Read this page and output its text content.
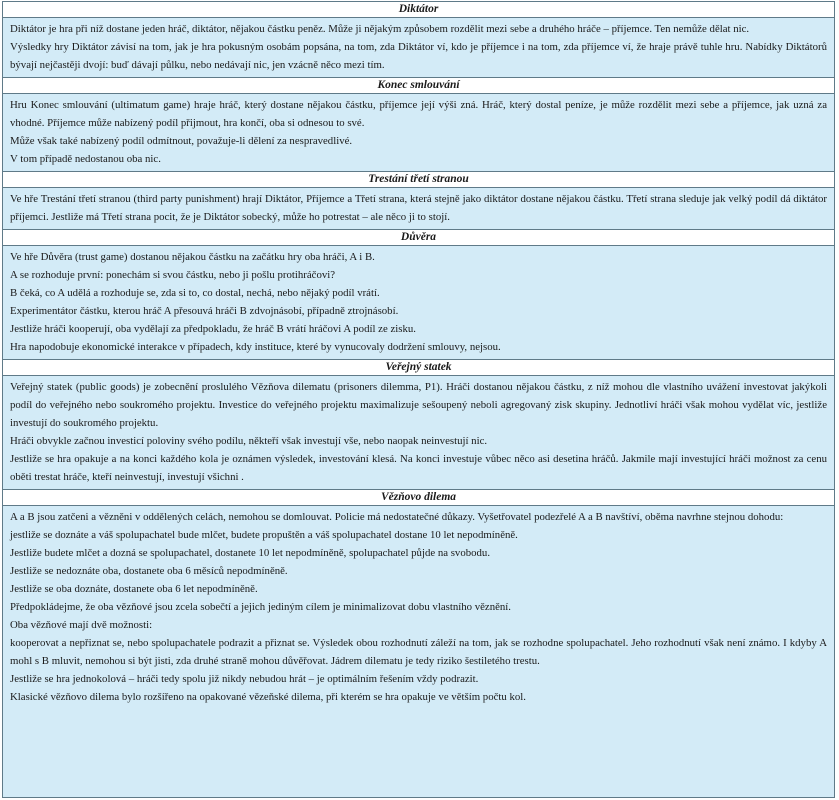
Diktátor

Diktátor je hra při níž dostane jeden hráč, diktátor, nějakou částku peněz. Může ji nějakým způsobem rozdělit mezi sebe a druhého hráče – příjemce. Ten nemůže dělat nic.

Výsledky hry Diktátor závisí na tom, jak je hra pokusným osobám popsána, na tom, zda Diktátor ví, kdo je příjemce i na tom, zda příjemce ví, že hraje právě tuhle hru. Nabídky Diktátorů bývají nejčastěji dvojí: buď dávají půlku, nebo nedávají nic, jen vzácně něco mezi tím.

Konec smlouvání

Hru Konec smlouvání (ultimatum game) hraje hráč, který dostane nějakou částku, příjemce její výši zná. Hráč, který dostal peníze, je může rozdělit mezi sebe a příjemce, jak uzná za vhodné. Příjemce může nabízený podíl přijmout, hra končí, oba si odnesou to své.

Může však také nabízený podíl odmítnout, považuje-li dělení za nespravedlivé.

V tom případě nedostanou oba nic.

Trestání třetí stranou

Ve hře Trestání třetí stranou (third party punishment) hrají Diktátor, Příjemce a Třetí strana, která stejně jako diktátor dostane nějakou částku. Třetí strana sleduje jak velký podíl dá diktátor příjemci. Jestliže má Třetí strana pocit, že je Diktátor sobecký, může ho potrestat – ale něco ji to stojí.

Důvěra

Ve hře Důvěra (trust game) dostanou nějakou částku na začátku hry oba hráči, A i B.

A se rozhoduje první: ponechám si svou částku, nebo ji pošlu protihráčovi?

B čeká, co A udělá a rozhoduje se, zda si to, co dostal, nechá, nebo nějaký podíl vrátí.

Experimentátor částku, kterou hráč A přesouvá hráči B zdvojnásobí, případně ztrojnásobí.

Jestliže hráči kooperují, oba vydělají za předpokladu, že hráč B vrátí hráčovi A podíl ze zisku.

Hra napodobuje ekonomické interakce v případech, kdy instituce, které by vynucovaly dodržení smlouvy, nejsou.

Veřejný statek

Veřejný statek (public goods) je zobecnění proslulého Vězňova dilematu (prisoners dilemma, P1). Hráči dostanou nějakou částku, z níž mohou dle vlastního uvážení investovat jakýkoli podíl do veřejného nebo soukromého projektu. Investice do veřejného projektu maximalizuje sešoupený neboli agregovaný zisk skupiny. Jednotliví hráči však mohou vydělat víc, jestliže investují do soukromého projektu.

Hráči obvykle začnou investicí poloviny svého podílu, někteří však investují vše, nebo naopak neinvestují nic.

Jestliže se hra opakuje a na konci každého kola je oznámen výsledek, investování klesá. Na konci investuje vůbec něco asi desetina hráčů. Jakmile mají investující hráči možnost za cenu oběti trestat hráče, kteří neinvestují, investují všichni .

Vězňovo dilema

A a B jsou zatčeni a vězněni v oddělených celách, nemohou se domlouvat. Policie má nedostatečné důkazy. Vyšetřovatel podezřelé A a B navštíví, oběma navrhne stejnou dohodu:

jestliže se doznáte a váš spolupachatel bude mlčet, budete propuštěn a váš spolupachatel dostane 10 let nepodmíněně.

Jestliže budete mlčet a dozná se spolupachatel, dostanete 10 let nepodmíněně, spolupachatel půjde na svobodu.

Jestliže se nedoznáte oba, dostanete oba 6 měsíců nepodmíněně.

Jestliže se oba doznáte, dostanete oba 6 let nepodmíněně.

Předpokládejme, že oba vězňové jsou zcela sobečtí a jejich jediným cílem je minimalizovat dobu vlastního věznění.

Oba vězňové mají dvě možnosti:

kooperovat a nepřiznat se, nebo spolupachatele podrazit a přiznat se. Výsledek obou rozhodnutí záleží na tom, jak se rozhodne spolupachatel. Jeho rozhodnutí však není známo. I kdyby A mohl s B mluvit, nemohou si být jisti, zda druhé straně mohou důvěřovat. Jádrem dilematu je tedy riziko šestiletého trestu.

Jestliže se hra jednokolová – hráči tedy spolu již nikdy nebudou hrát – je optimálním řešením vždy podrazit.

Klasické vězňovo dilema bylo rozšířeno na opakované vězeňské dilema, při kterém se hra opakuje ve větším počtu kol.
